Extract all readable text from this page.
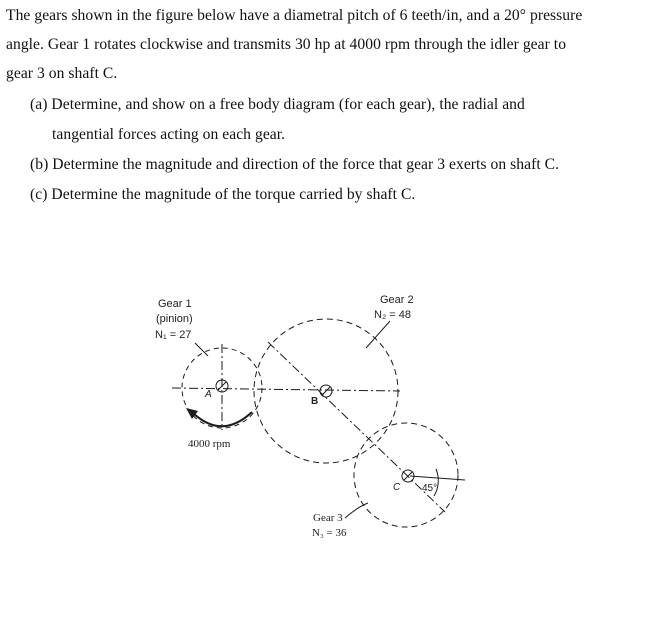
The gears shown in the figure below have a diametral pitch of 6 teeth/in, and a 20° pressure
angle. Gear 1 rotates clockwise and transmits 30 hp at 4000 rpm through the idler gear to
gear 3 on shaft C.
(a) Determine, and show on a free body diagram (for each gear), the radial and
tangential forces acting on each gear.
(b) Determine the magnitude and direction of the force that gear 3 exerts on shaft C.
(c) Determine the magnitude of the torque carried by shaft C.
Gear 1
(pinion)
N₁ = 27
A
4000 rpm
Gear 2
N₂ = 48
B
Gear 3
N₃ = 36
C 45°
